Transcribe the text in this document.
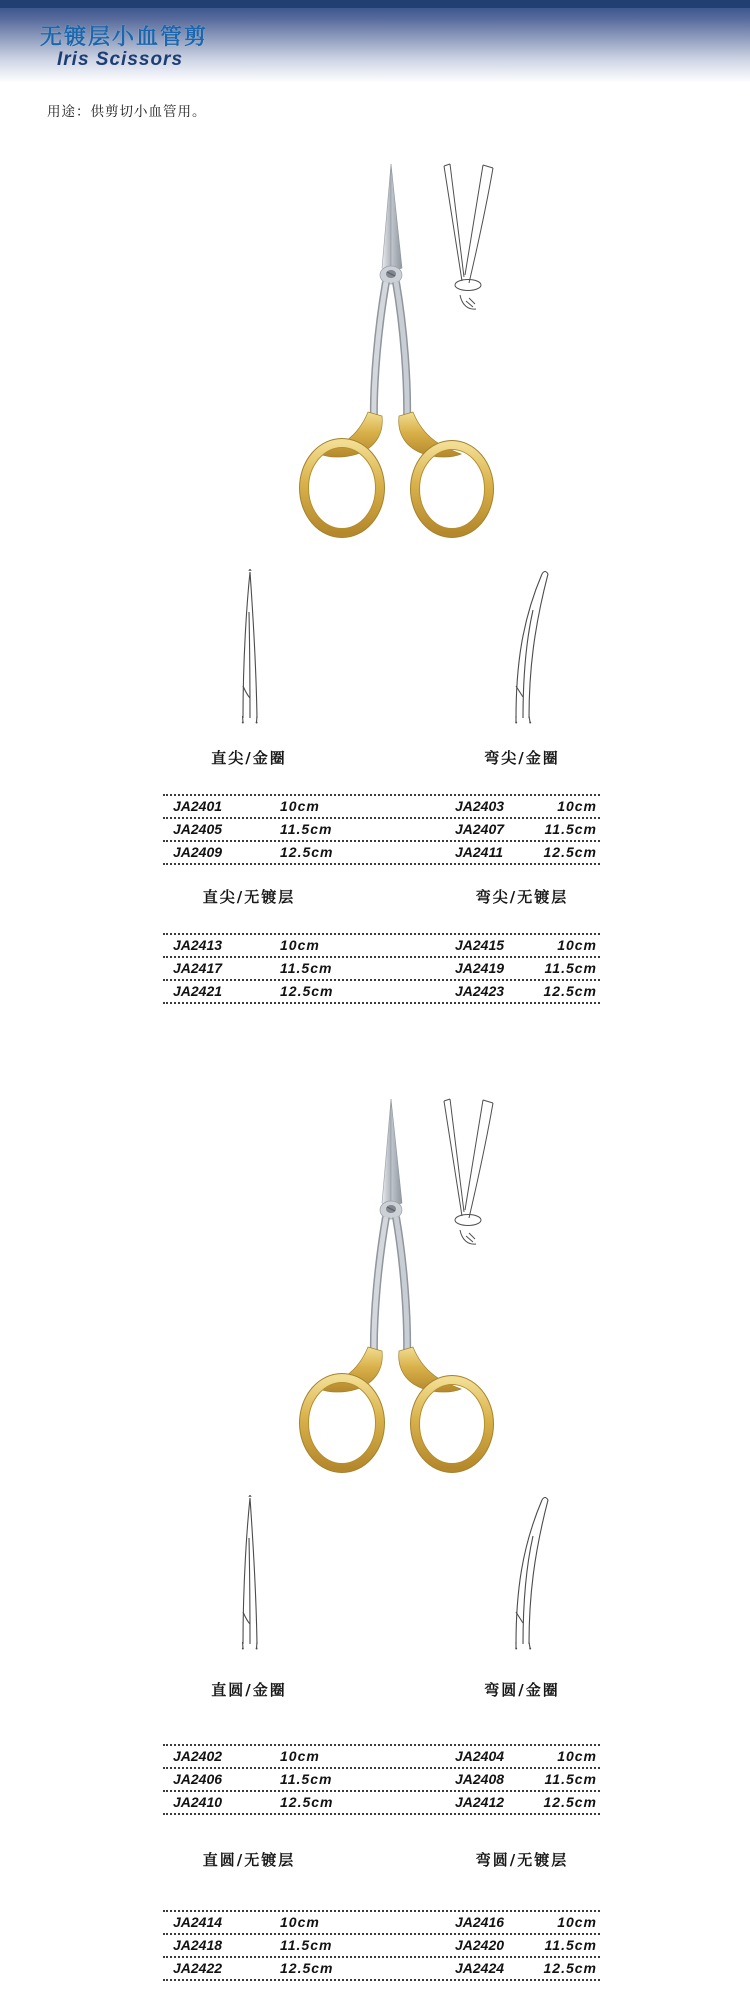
无镀层小血管剪
Iris Scissors

用途：供剪切小血管用。

直尖/金圈	弯尖/金圈
JA2401	10cm	JA2403	10cm
JA2405	11.5cm	JA2407	11.5cm
JA2409	12.5cm	JA2411	12.5cm
直尖/无镀层	弯尖/无镀层
JA2413	10cm	JA2415	10cm
JA2417	11.5cm	JA2419	11.5cm
JA2421	12.5cm	JA2423	12.5cm
直圆/金圈	弯圆/金圈
JA2402	10cm	JA2404	10cm
JA2406	11.5cm	JA2408	11.5cm
JA2410	12.5cm	JA2412	12.5cm
直圆/无镀层	弯圆/无镀层
JA2414	10cm	JA2416	10cm
JA2418	11.5cm	JA2420	11.5cm
JA2422	12.5cm	JA2424	12.5cm
